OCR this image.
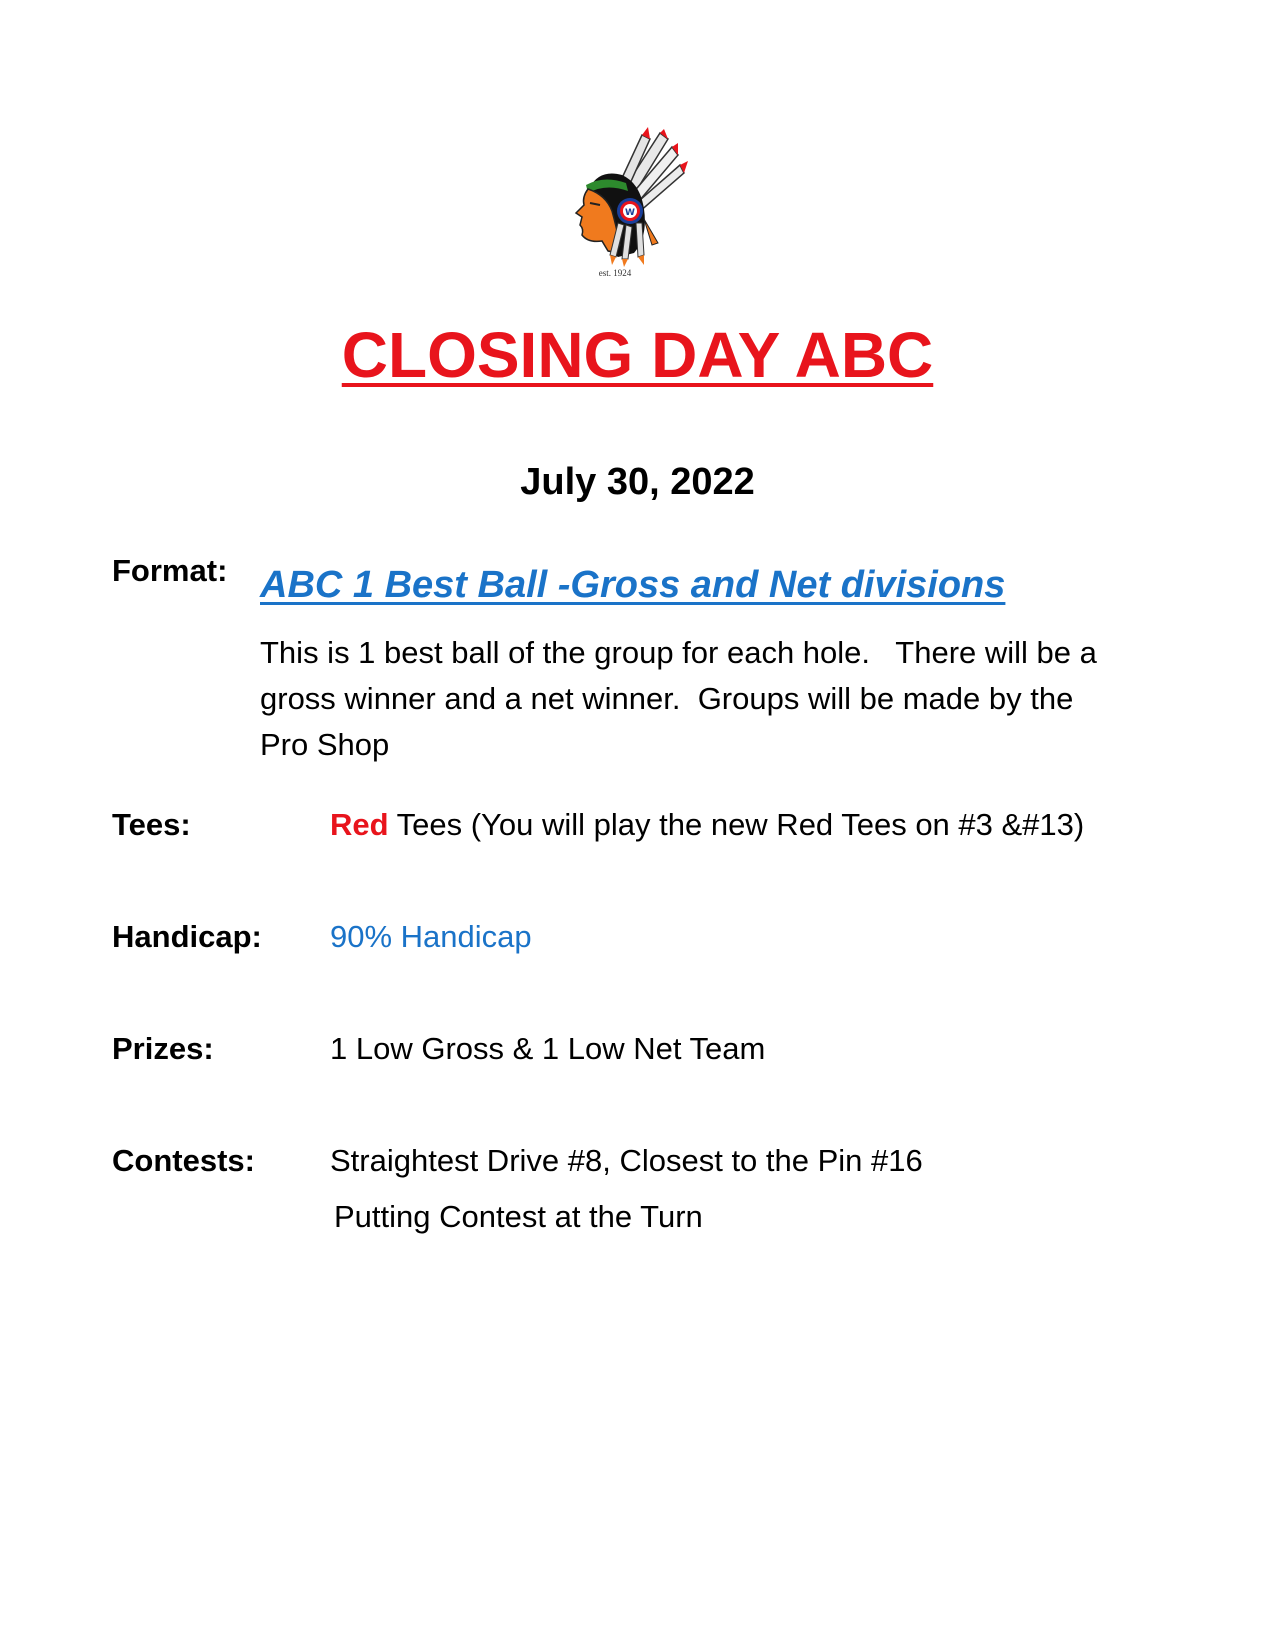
W
est. 1924
CLOSING DAY ABC
July 30, 2022
Format: ABC 1 Best Ball -Gross and Net divisions
This is 1 best ball of the group for each hole.   There will be a
gross winner and a net winner.  Groups will be made by the
Pro Shop
Tees:	Red Tees (You will play the new Red Tees on #3 &#13)
Handicap: 90% Handicap
Prizes:	1 Low Gross & 1 Low Net Team
Contests: Straightest Drive #8, Closest to the Pin #16
Putting Contest at the Turn
